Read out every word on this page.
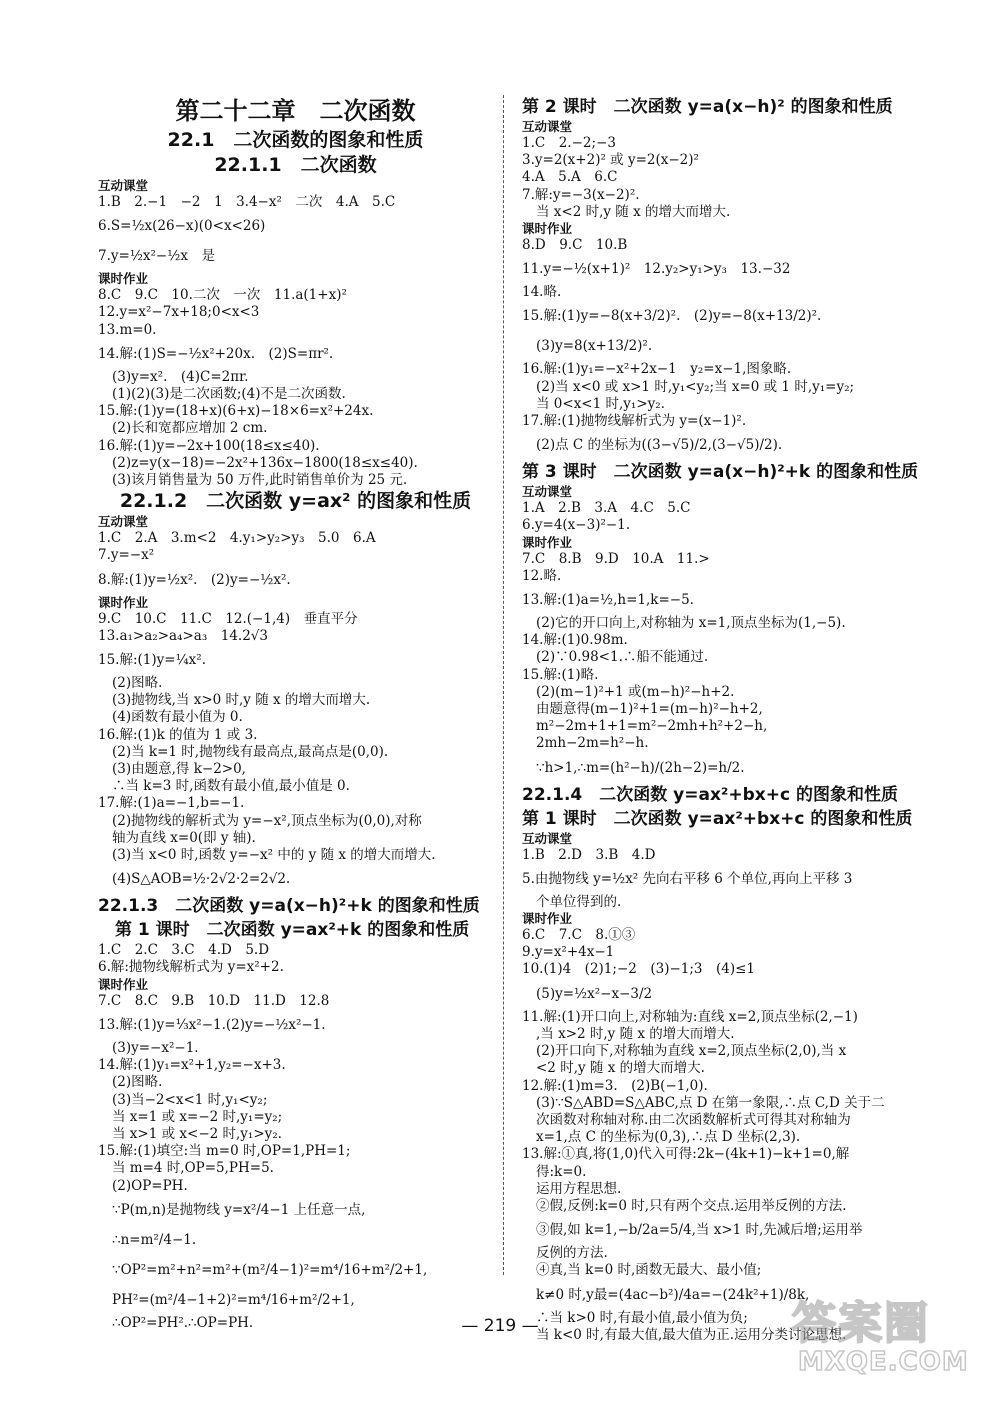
第二十二章　二次函数
22.1　二次函数的图象和性质
22.1.1　二次函数
互动课堂
1.B　2.−1　−2　1　3.4−x²　二次　4.A　5.C
6.S=½x(26−x)(0<x<26)
7.y=½x²−½x　是
课时作业
8.C　9.C　10.二次　一次　11.a(1+x)²
12.y=x²−7x+18;0<x<3
13.m=0.
14.解:(1)S=−½x²+20x.　(2)S=πr².
(3)y=x².　(4)C=2πr.
(1)(2)(3)是二次函数;(4)不是二次函数.
15.解:(1)y=(18+x)(6+x)−18×6=x²+24x.
(2)长和宽都应增加 2 cm.
16.解:(1)y=−2x+100(18≤x≤40).
(2)z=y(x−18)=−2x²+136x−1800(18≤x≤40).
(3)该月销售量为 50 万件,此时销售单价为 25 元.
22.1.2　二次函数 y=ax² 的图象和性质
互动课堂
1.C　2.A　3.m<2　4.y₁>y₂>y₃　5.0　6.A
7.y=−x²
8.解:(1)y=½x².　(2)y=−½x².
课时作业
9.C　10.C　11.C　12.(−1,4)　垂直平分
13.a₁>a₂>a₄>a₃　14.2√3
15.解:(1)y=¼x².
(2)图略.
(3)抛物线,当 x>0 时,y 随 x 的增大而增大.
(4)函数有最小值为 0.
16.解:(1)k 的值为 1 或 3.
(2)当 k=1 时,抛物线有最高点,最高点是(0,0).
(3)由题意,得 k−2>0,
∴当 k=3 时,函数有最小值,最小值是 0.
17.解:(1)a=−1,b=−1.
(2)抛物线的解析式为 y=−x²,顶点坐标为(0,0),对称
轴为直线 x=0(即 y 轴).
(3)当 x<0 时,函数 y=−x² 中的 y 随 x 的增大而增大.
(4)S△AOB=½·2√2·2=2√2.
22.1.3　二次函数 y=a(x−h)²+k 的图象和性质
　第 1 课时　二次函数 y=ax²+k 的图象和性质
1.C　2.C　3.C　4.D　5.D
6.解:抛物线解析式为 y=x²+2.
课时作业
7.C　8.C　9.B　10.D　11.D　12.8
13.解:(1)y=⅓x²−1.(2)y=−½x²−1.
(3)y=−x²−1.
14.解:(1)y₁=x²+1,y₂=−x+3.
(2)图略.
(3)当−2<x<1 时,y₁<y₂;
当 x=1 或 x=−2 时,y₁=y₂;
当 x>1 或 x<−2 时,y₁>y₂.
15.解:(1)填空:当 m=0 时,OP=1,PH=1;
当 m=4 时,OP=5,PH=5.
(2)OP=PH.
∵P(m,n)是抛物线 y=x²/4−1 上任意一点,
∴n=m²/4−1.
∵OP²=m²+n²=m²+(m²/4−1)²=m⁴/16+m²/2+1,
PH²=(m²/4−1+2)²=m⁴/16+m²/2+1,
∴OP²=PH².∴OP=PH.
第 2 课时　二次函数 y=a(x−h)² 的图象和性质
互动课堂
1.C　2.−2;−3
3.y=2(x+2)² 或 y=2(x−2)²
4.A　5.A　6.C
7.解:y=−3(x−2)².
当 x<2 时,y 随 x 的增大而增大.
课时作业
8.D　9.C　10.B
11.y=−½(x+1)²　12.y₂>y₁>y₃　13.−32
14.略.
15.解:(1)y=−8(x+3/2)².　(2)y=−8(x+13/2)².
(3)y=8(x+13/2)².
16.解:(1)y₁=−x²+2x−1　y₂=x−1,图象略.
(2)当 x<0 或 x>1 时,y₁<y₂;当 x=0 或 1 时,y₁=y₂;
当 0<x<1 时,y₁>y₂.
17.解:(1)抛物线解析式为 y=(x−1)².
(2)点 C 的坐标为((3−√5)/2,(3−√5)/2).
第 3 课时　二次函数 y=a(x−h)²+k 的图象和性质
互动课堂
1.A　2.B　3.A　4.C　5.C
6.y=4(x−3)²−1.
课时作业
7.C　8.B　9.D　10.A　11.>
12.略.
13.解:(1)a=½,h=1,k=−5.
(2)它的开口向上,对称轴为 x=1,顶点坐标为(1,−5).
14.解:(1)0.98m.
(2)∵0.98<1.∴船不能通过.
15.解:(1)略.
(2)(m−1)²+1 或(m−h)²−h+2.
由题意得(m−1)²+1=(m−h)²−h+2,
m²−2m+1+1=m²−2mh+h²+2−h,
2mh−2m=h²−h.
∵h>1,∴m=(h²−h)/(2h−2)=h/2.
22.1.4　二次函数 y=ax²+bx+c 的图象和性质
第 1 课时　二次函数 y=ax²+bx+c 的图象和性质
互动课堂
1.B　2.D　3.B　4.D
5.由抛物线 y=½x² 先向右平移 6 个单位,再向上平移 3
个单位得到的.
课时作业
6.C　7.C　8.①③
9.y=x²+4x−1
10.(1)4　(2)1;−2　(3)−1;3　(4)≤1
(5)y=½x²−x−3/2
11.解:(1)开口向上,对称轴为:直线 x=2,顶点坐标(2,−1)
,当 x>2 时,y 随 x 的增大而增大.
(2)开口向下,对称轴为直线 x=2,顶点坐标(2,0),当 x
<2 时,y 随 x 的增大而增大.
12.解:(1)m=3.　(2)B(−1,0).
(3)∵S△ABD=S△ABC,点 D 在第一象限,∴点 C,D 关于二
次函数对称轴对称.由二次函数解析式可得其对称轴为
x=1,点 C 的坐标为(0,3),∴点 D 坐标(2,3).
13.解:①真,将(1,0)代入可得:2k−(4k+1)−k+1=0,解
得:k=0.
运用方程思想.
②假,反例:k=0 时,只有两个交点.运用举反例的方法.
③假,如 k=1,−b/2a=5/4,当 x>1 时,先减后增;运用举
反例的方法.
④真,当 k=0 时,函数无最大、最小值;
k≠0 时,y最=(4ac−b²)/4a=−(24k²+1)/8k,
∴当 k>0 时,有最小值,最小值为负;
当 k<0 时,有最大值,最大值为正.运用分类讨论思想.
— 219 —	答案圈
MXQE.COM
